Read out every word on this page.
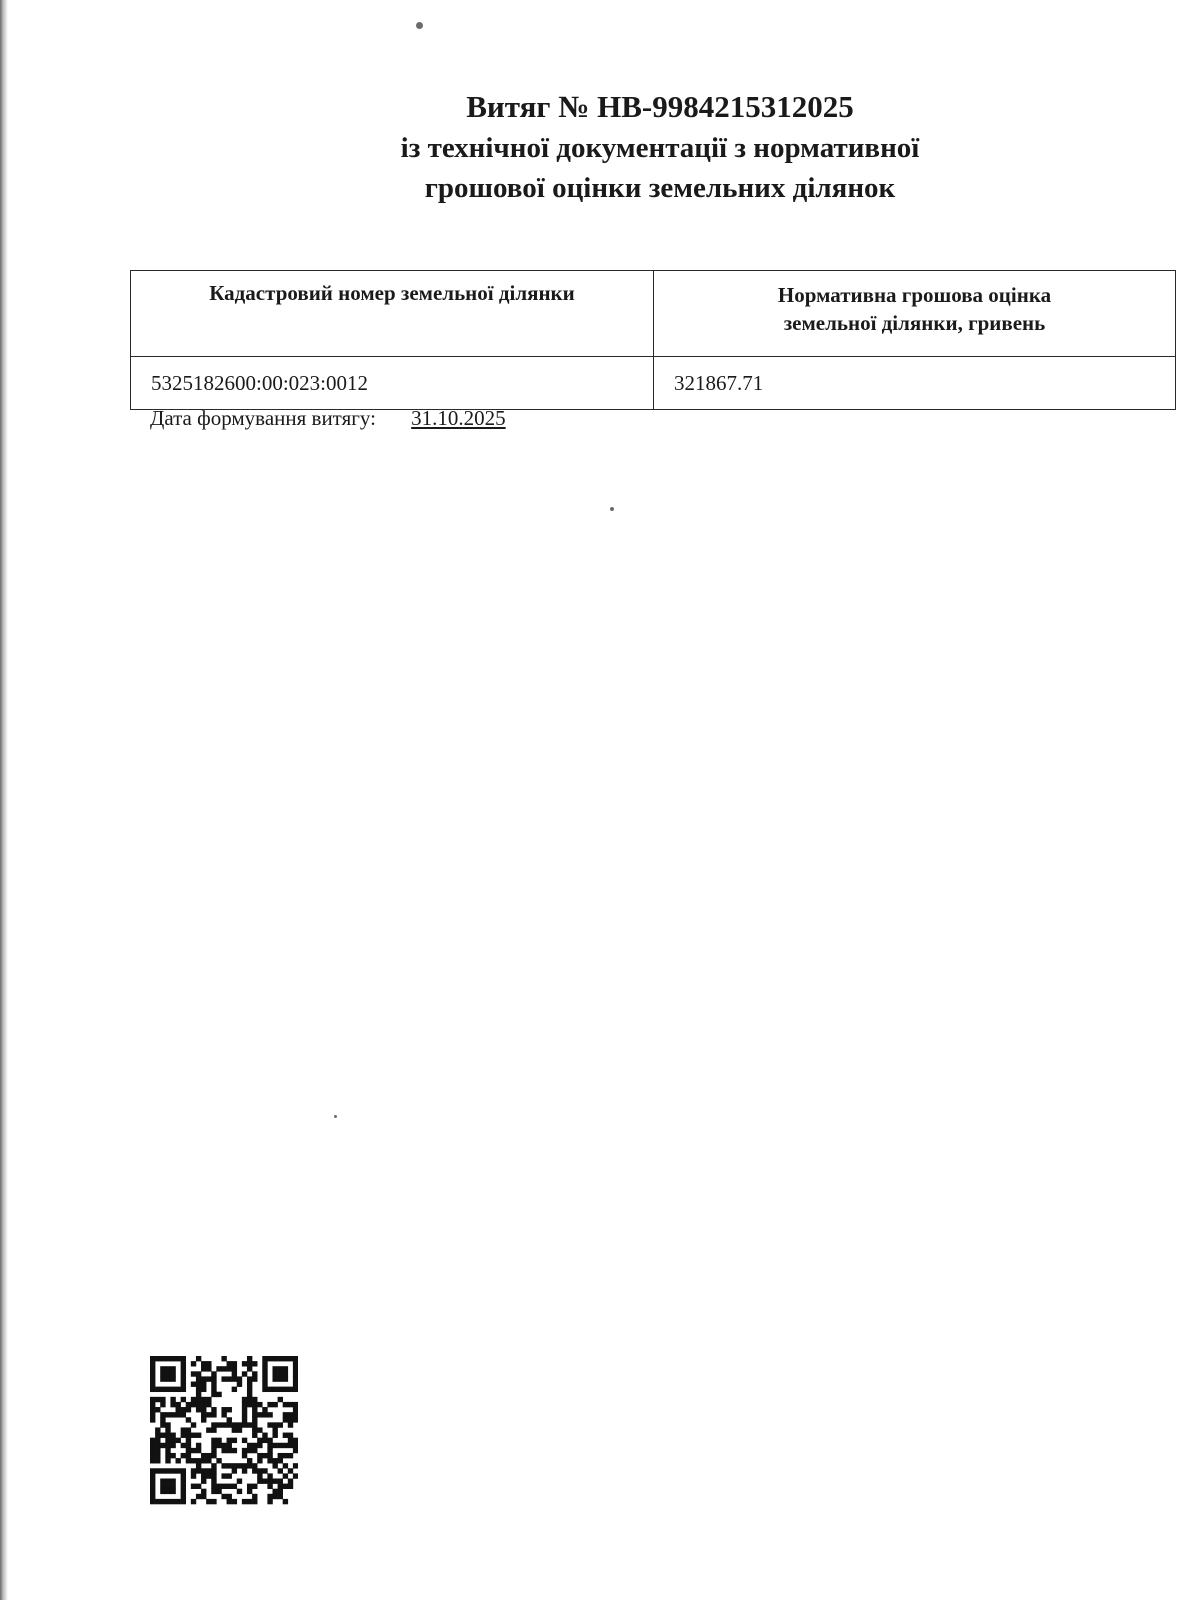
Витяг № НВ-9984215312025
із технічної документації з нормативної
грошової оцінки земельних ділянок
Кадастровий номер земельної ділянки	Нормативна грошова оцінка земельної ділянки, гривень

5325182600:00:023:0012	321867.71
Дата формування витягу: 31.10.2025
